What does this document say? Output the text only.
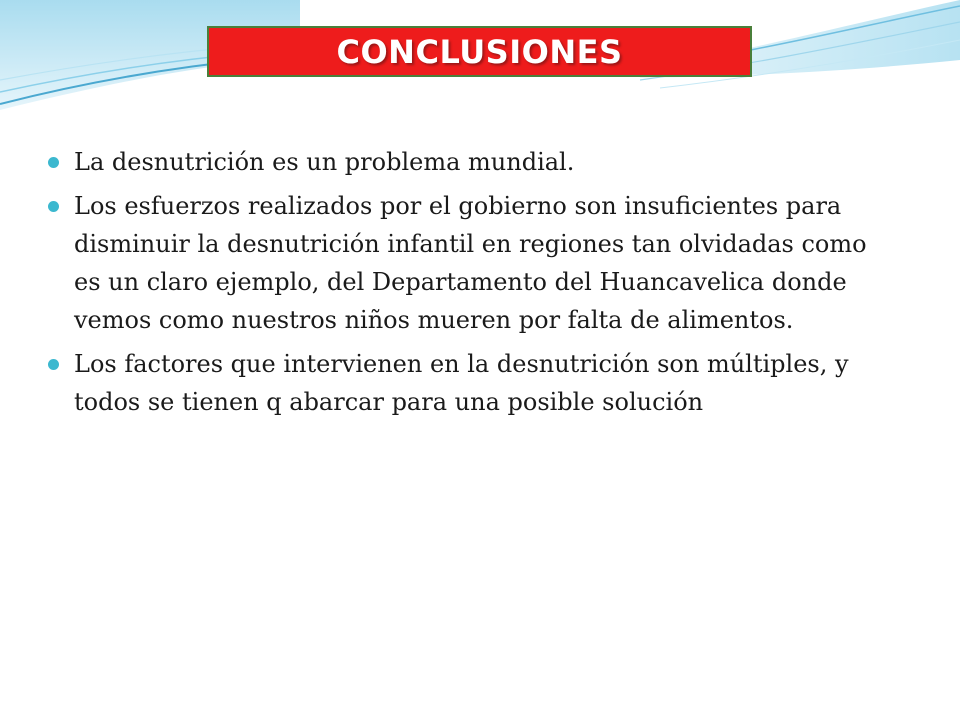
CONCLUSIONES
La desnutrición es un problema mundial.
Los esfuerzos realizados por el gobierno son insuficientes para disminuir la desnutrición infantil en regiones tan olvidadas como es un claro ejemplo, del Departamento del Huancavelica donde vemos como nuestros niños mueren por falta de alimentos.
Los factores que intervienen en la desnutrición son múltiples, y todos se tienen q abarcar para una posible solución
